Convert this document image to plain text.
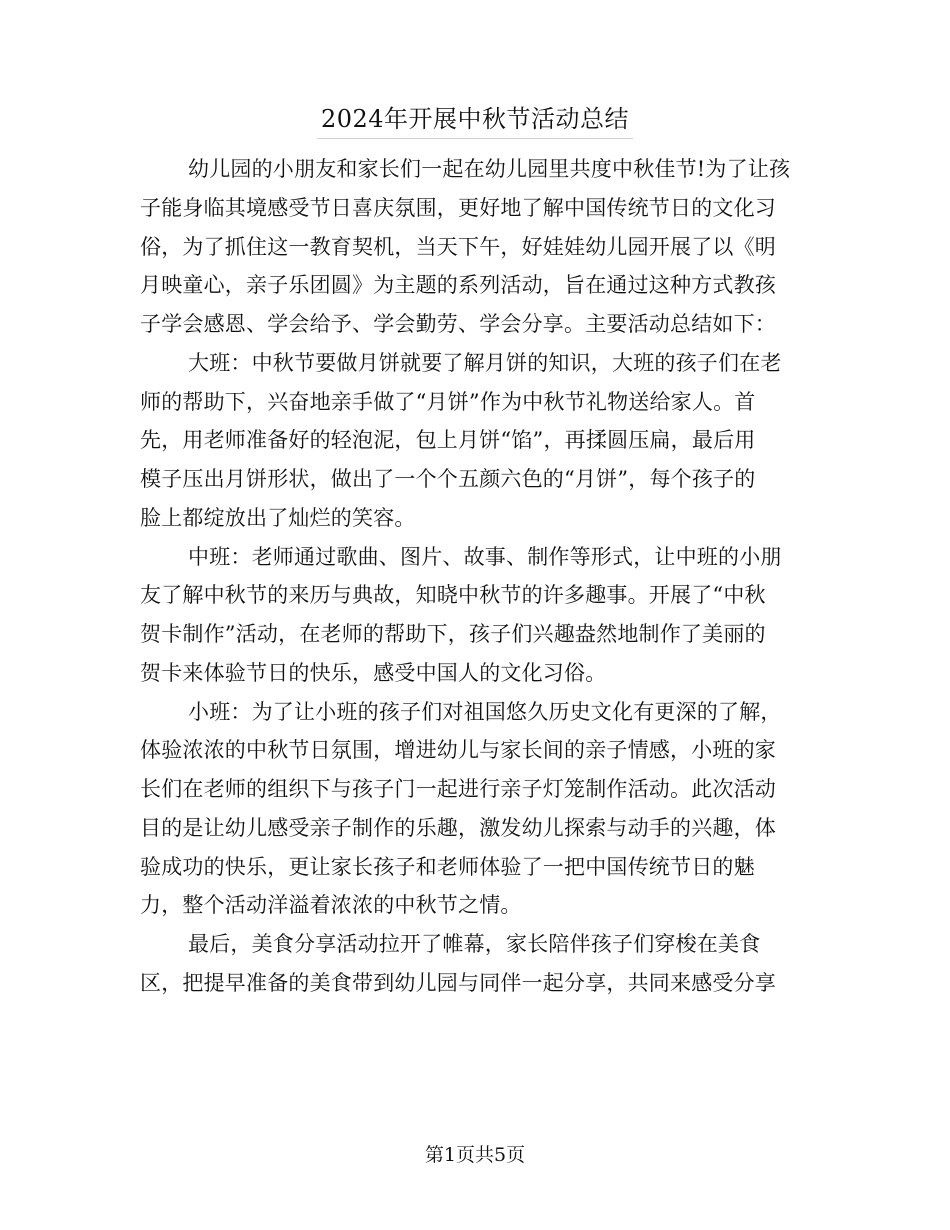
2024年开展中秋节活动总结
幼儿园的小朋友和家长们一起在幼儿园里共度中秋佳节!为了让孩
子能身临其境感受节日喜庆氛围，更好地了解中国传统节日的文化习
俗，为了抓住这一教育契机，当天下午，好娃娃幼儿园开展了以《明
月映童心，亲子乐团圆》为主题的系列活动，旨在通过这种方式教孩
子学会感恩、学会给予、学会勤劳、学会分享。主要活动总结如下：
大班：中秋节要做月饼就要了解月饼的知识，大班的孩子们在老
师的帮助下，兴奋地亲手做了“月饼”作为中秋节礼物送给家人。首
先，用老师准备好的轻泡泥，包上月饼“馅”，再揉圆压扁，最后用
模子压出月饼形状，做出了一个个五颜六色的“月饼”，每个孩子的
脸上都绽放出了灿烂的笑容。
中班：老师通过歌曲、图片、故事、制作等形式，让中班的小朋
友了解中秋节的来历与典故，知晓中秋节的许多趣事。开展了“中秋
贺卡制作”活动，在老师的帮助下，孩子们兴趣盎然地制作了美丽的
贺卡来体验节日的快乐，感受中国人的文化习俗。
小班：为了让小班的孩子们对祖国悠久历史文化有更深的了解，
体验浓浓的中秋节日氛围，增进幼儿与家长间的亲子情感，小班的家
长们在老师的组织下与孩子门一起进行亲子灯笼制作活动。此次活动
目的是让幼儿感受亲子制作的乐趣，激发幼儿探索与动手的兴趣，体
验成功的快乐，更让家长孩子和老师体验了一把中国传统节日的魅
力，整个活动洋溢着浓浓的中秋节之情。
最后，美食分享活动拉开了帷幕，家长陪伴孩子们穿梭在美食
区，把提早准备的美食带到幼儿园与同伴一起分享，共同来感受分享
第1页共5页
